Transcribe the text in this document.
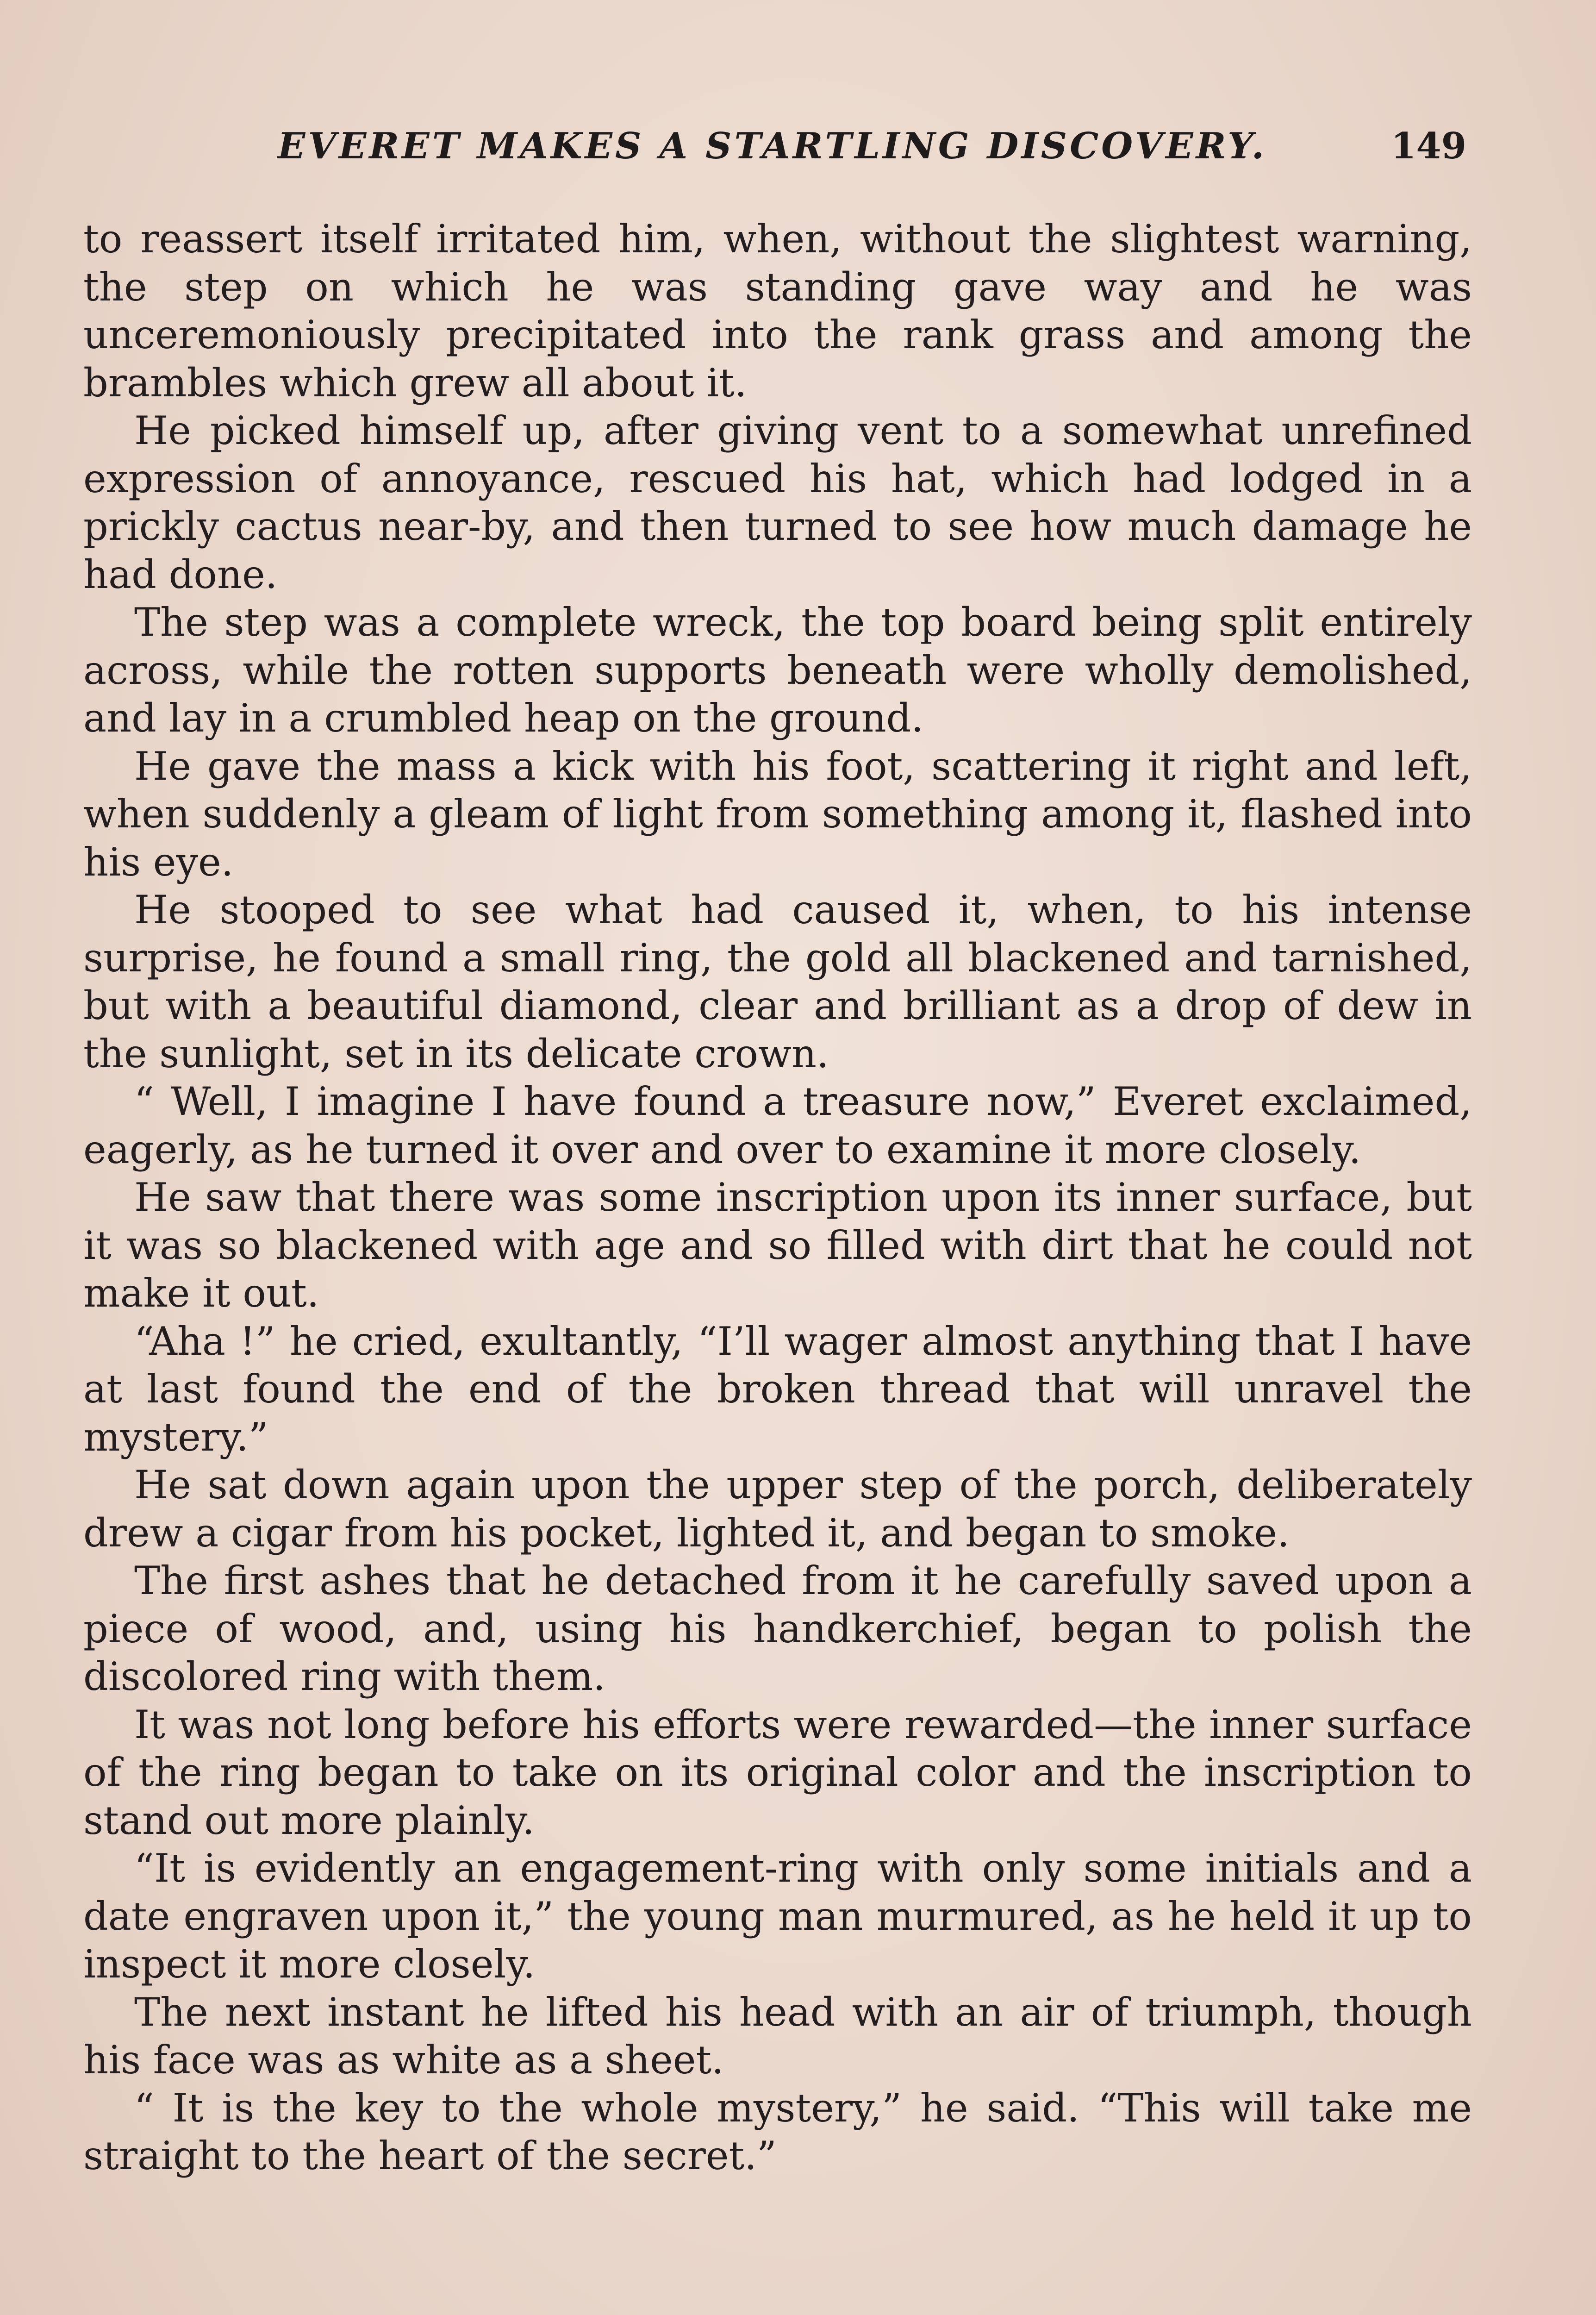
EVERET MAKES A STARTLING DISCOVERY.	149

to reassert itself irritated him, when, without the slightest warning, the step on which he was standing gave way and he was unceremoniously precipitated into the rank grass and among the brambles which grew all about it.

He picked himself up, after giving vent to a somewhat unrefined expression of annoyance, rescued his hat, which had lodged in a prickly cactus near-by, and then turned to see how much damage he had done.

The step was a complete wreck, the top board being split entirely across, while the rotten supports beneath were wholly demolished, and lay in a crumbled heap on the ground.

He gave the mass a kick with his foot, scattering it right and left, when suddenly a gleam of light from something among it, flashed into his eye.

He stooped to see what had caused it, when, to his intense surprise, he found a small ring, the gold all blackened and tarnished, but with a beautiful diamond, clear and brilliant as a drop of dew in the sunlight, set in its delicate crown.

“ Well, I imagine I have found a treasure now,” Everet exclaimed, eagerly, as he turned it over and over to examine it more closely.

He saw that there was some inscription upon its inner surface, but it was so blackened with age and so filled with dirt that he could not make it out.

“Aha !” he cried, exultantly, “I’ll wager almost anything that I have at last found the end of the broken thread that will unravel the mystery.”

He sat down again upon the upper step of the porch, deliberately drew a cigar from his pocket, lighted it, and began to smoke.

The first ashes that he detached from it he carefully saved upon a piece of wood, and, using his handkerchief, began to polish the discolored ring with them.

It was not long before his efforts were rewarded—the inner surface of the ring began to take on its original color and the inscription to stand out more plainly.

“It is evidently an engagement-ring with only some initials and a date engraven upon it,” the young man murmured, as he held it up to inspect it more closely.

The next instant he lifted his head with an air of triumph, though his face was as white as a sheet.

“ It is the key to the whole mystery,” he said. “This will take me straight to the heart of the secret.”
